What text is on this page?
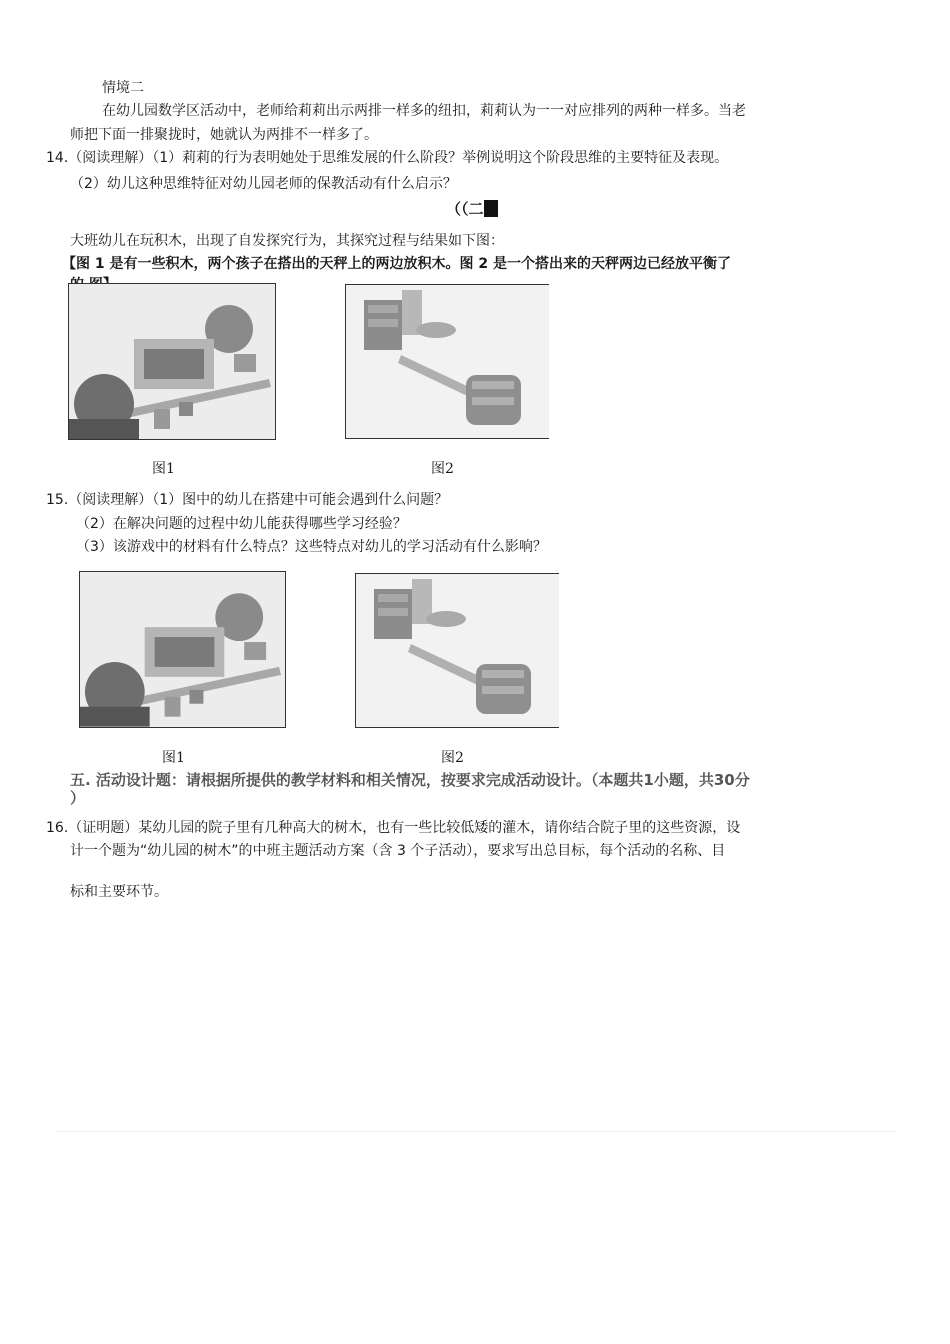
情境二
在幼儿园数学区活动中，老师给莉莉出示两排一样多的纽扣，莉莉认为一一对应排列的两种一样多。当老
师把下面一排聚拢时，她就认为两排不一样多了。
14.（阅读理解）（1）莉莉的行为表明她处于思维发展的什么阶段？举例说明这个阶段思维的主要特征及表现。
（2）幼儿这种思维特征对幼儿园老师的保教活动有什么启示？
（（二
大班幼儿在玩积木，出现了自发探究行为，其探究过程与结果如下图：
【图 1 是有一些积木，两个孩子在搭出的天秤上的两边放积木。图 2 是一个搭出来的天秤两边已经放平衡了
图1	图2
15.（阅读理解）（1）图中的幼儿在搭建中可能会遇到什么问题？
（2）在解决问题的过程中幼儿能获得哪些学习经验？
（3）该游戏中的材料有什么特点？这些特点对幼儿的学习活动有什么影响？
图1	图2
五. 活动设计题：请根据所提供的教学材料和相关情况，按要求完成活动设计。（本题共1小题，共30分
）
16.（证明题）某幼儿园的院子里有几种高大的树木，也有一些比较低矮的灌木，请你结合院子里的这些资源，设
计一个题为“幼儿园的树木”的中班主题活动方案（含 3 个子活动），要求写出总目标，每个活动的名称、目
标和主要环节。
